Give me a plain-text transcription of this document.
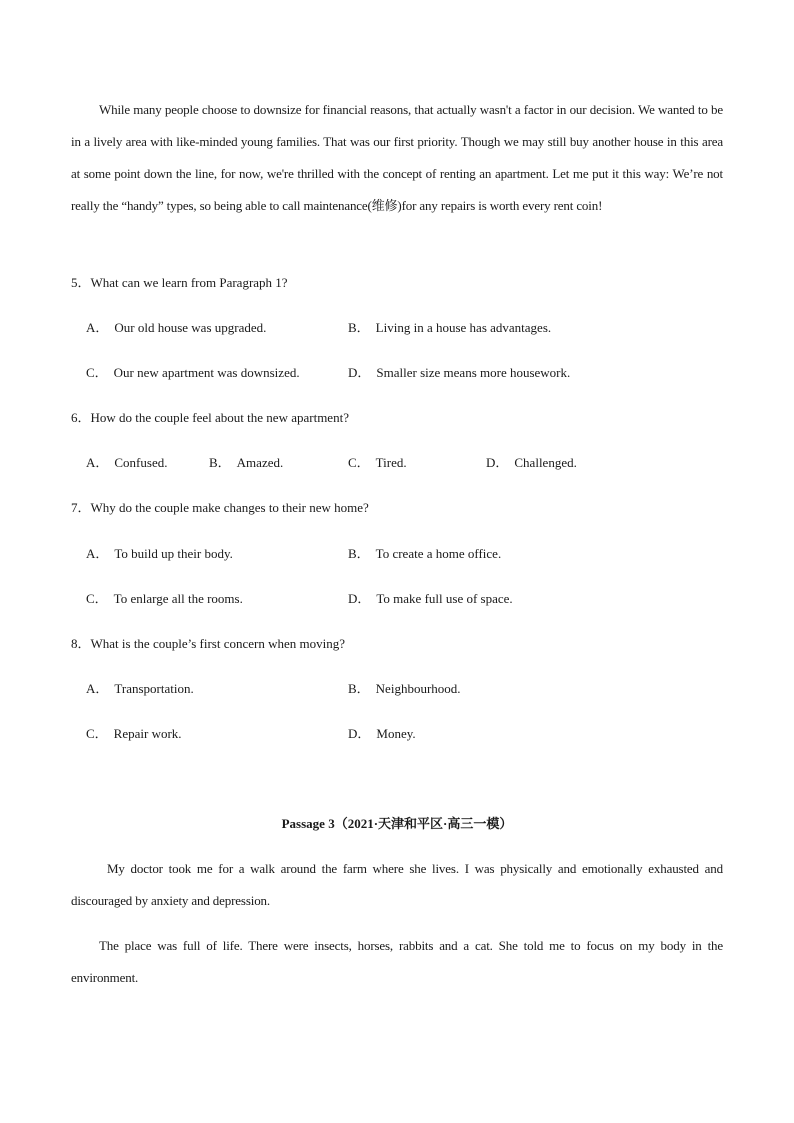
While many people choose to downsize for financial reasons, that actually wasn't a factor in our decision. We wanted to be in a lively area with like-minded young families. That was our first priority. Though we may still buy another house in this area at some point down the line, for now, we're thrilled with the concept of renting an apartment. Let me put it this way: We’re not really the “handy” types, so being able to call maintenance(维修)for any repairs is worth every rent coin!

5．What can we learn from Paragraph 1?

A． Our old house was upgraded.	B． Living in a house has advantages.

C． Our new apartment was downsized.	D． Smaller size means more housework.

6．How do the couple feel about the new apartment?

A． Confused.	B． Amazed.	C． Tired.	D． Challenged.

7．Why do the couple make changes to their new home?

A． To build up their body.	B． To create a home office.

C． To enlarge all the rooms.	D． To make full use of space.

8．What is the couple’s first concern when moving?

A． Transportation.	B． Neighbourhood.

C． Repair work.	D． Money.

Passage 3（2021·天津和平区·高三一模）

My doctor took me for a walk around the farm where she lives. I was physically and emotionally exhausted and discouraged by anxiety and depression.

The place was full of life. There were insects, horses, rabbits and a cat. She told me to focus on my body in the environment.
